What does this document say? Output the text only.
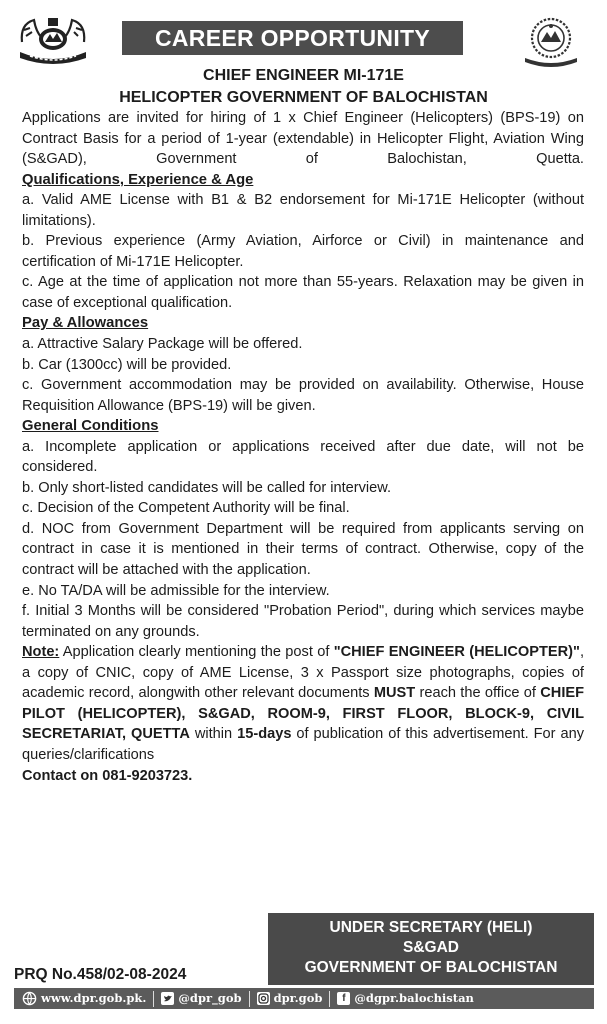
CAREER OPPORTUNITY
CHIEF ENGINEER MI-171E
HELICOPTER GOVERNMENT OF BALOCHISTAN

Applications are invited for hiring of 1 x Chief Engineer (Helicopters) (BPS-19) on Contract Basis for a period of 1-year (extendable) in Helicopter Flight, Aviation Wing (S&GAD), Government of Balochistan, Quetta.

Qualifications, Experience & Age

a. Valid AME License with B1 & B2 endorsement for Mi-171E Helicopter (without limitations).

b. Previous experience (Army Aviation, Airforce or Civil) in maintenance and certification of Mi-171E Helicopter.

c. Age at the time of application not more than 55-years. Relaxation may be given in case of exceptional qualification.

Pay & Allowances

a. Attractive Salary Package will be offered.

b. Car (1300cc) will be provided.

c. Government accommodation may be provided on availability. Otherwise, House Requisition Allowance (BPS-19) will be given.

General Conditions

a. Incomplete application or applications received after due date, will not be considered.

b. Only short-listed candidates will be called for interview.

c. Decision of the Competent Authority will be final.

d. NOC from Government Department will be required from applicants serving on contract in case it is mentioned in their terms of contract. Otherwise, copy of the contract will be attached with the application.

e. No TA/DA will be admissible for the interview.

f. Initial 3 Months will be considered "Probation Period", during which services maybe terminated on any grounds.

Note: Application clearly mentioning the post of "CHIEF ENGINEER (HELICOPTER)", a copy of CNIC, copy of AME License, 3 x Passport size photographs, copies of academic record, alongwith other relevant documents MUST reach the office of CHIEF PILOT (HELICOPTER), S&GAD, ROOM-9, FIRST FLOOR, BLOCK-9, CIVIL SECRETARIAT, QUETTA within 15-days of publication of this advertisement. For any queries/clarifications

Contact on 081-9203723.
UNDER SECRETARY (HELI)
S&GAD
GOVERNMENT OF BALOCHISTAN
PRQ No.458/02-08-2024
www.dpr.gob.pk.	@dpr_gob	dpr.gob	f @dgpr.balochistan
